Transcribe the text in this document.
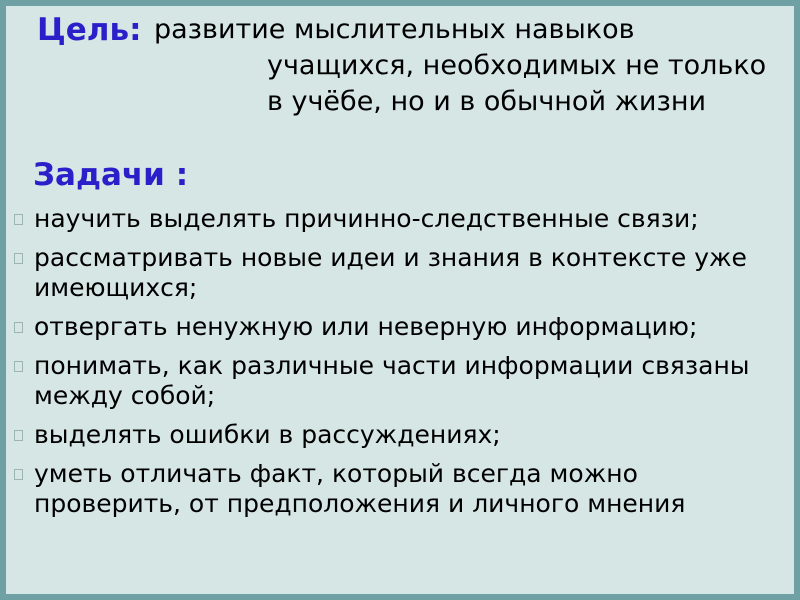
Цель: развитие мыслительных навыков
учащихся, необходимых не только
в учёбе, но и в обычной жизни
Задачи :
научить выделять причинно-следственные связи;
рассматривать новые идеи и знания в контексте уже
имеющихся;
отвергать ненужную или неверную информацию;
понимать, как различные части информации связаны
между собой;
выделять ошибки в рассуждениях;
уметь отличать факт, который всегда можно
проверить, от предположения и личного мнения
